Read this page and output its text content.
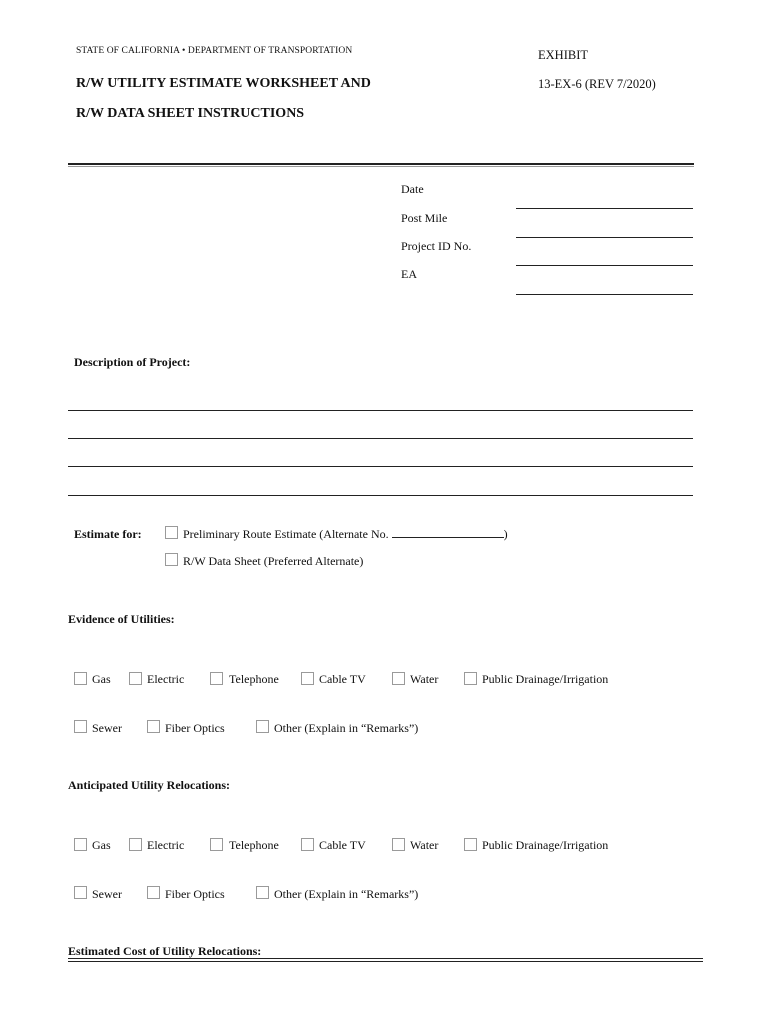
STATE OF CALIFORNIA • DEPARTMENT OF TRANSPORTATION	EXHIBIT
R/W UTILITY ESTIMATE WORKSHEET AND	13-EX-6 (REV 7/2020)
R/W DATA SHEET INSTRUCTIONS
Date
Post Mile
Project ID No.
EA
Description of Project:
Estimate for:	Preliminary Route Estimate (Alternate No.	)
R/W Data Sheet (Preferred Alternate)
Evidence of Utilities:
Gas	Electric	Telephone	Cable TV	Water	Public Drainage/Irrigation
Sewer	Fiber Optics	Other (Explain in “Remarks”)
Anticipated Utility Relocations:
Gas	Electric	Telephone	Cable TV	Water	Public Drainage/Irrigation
Sewer	Fiber Optics	Other (Explain in “Remarks”)
Estimated Cost of Utility Relocations:
